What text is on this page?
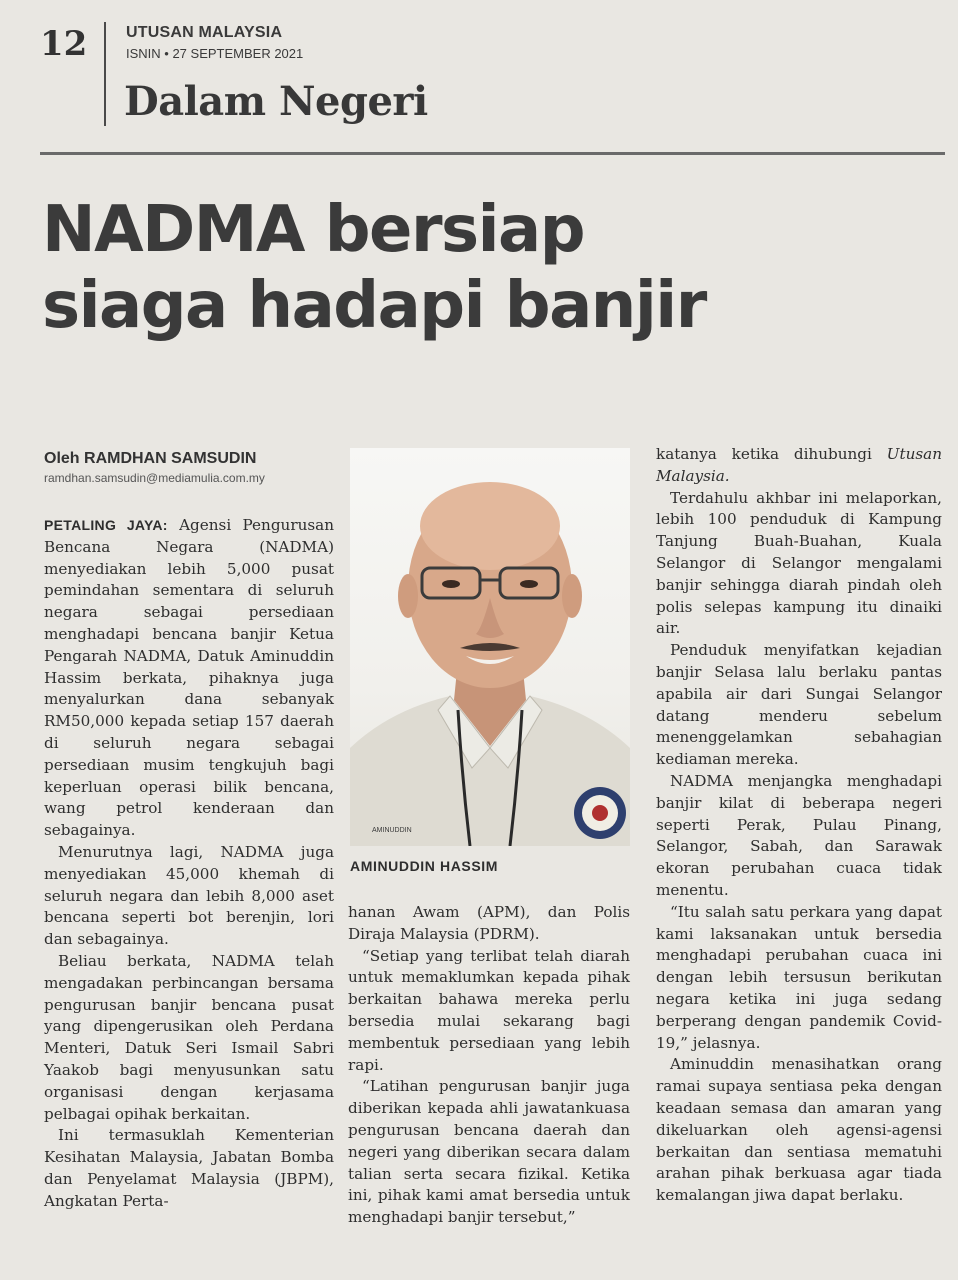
12 UTUSAN MALAYSIA
ISNIN • 27 SEPTEMBER 2021
Dalam Negeri
NADMA bersiap
siaga hadapi banjir
Oleh RAMDHAN SAMSUDIN
ramdhan.samsudin@mediamulia.com.my

PETALING JAYA: Agensi Pengurusan Bencana Negara (NADMA) menyediakan lebih 5,000 pusat pemindahan sementara di seluruh negara sebagai persediaan menghadapi bencana banjir Ketua Pengarah NADMA, Datuk Aminuddin Hassim berkata, pihaknya juga menyalurkan dana sebanyak RM50,000 kepada setiap 157 daerah di seluruh negara sebagai persediaan musim tengkujuh bagi keperluan operasi bilik bencana, wang petrol kenderaan dan sebagainya.

Menurutnya lagi, NADMA juga menyediakan 45,000 khemah di seluruh negara dan lebih 8,000 aset bencana seperti bot berenjin, lori dan sebagainya.

Beliau berkata, NADMA telah mengadakan perbincangan bersama pengurusan banjir bencana pusat yang dipengerusikan oleh Perdana Menteri, Datuk Seri Ismail Sabri Yaakob bagi menyusunkan satu organisasi dengan kerjasama pelbagai opihak berkaitan.

Ini termasuklah Kementerian Kesihatan Malaysia, Jabatan Bomba dan Penyelamat Malaysia (JBPM), Angkatan Perta-

AMINUDDIN
AMINUDDIN HASSIM

hanan Awam (APM), dan Polis Diraja Malaysia (PDRM).

“Setiap yang terlibat telah diarah untuk memaklumkan kepada pihak berkaitan bahawa mereka perlu bersedia mulai sekarang bagi membentuk persediaan yang lebih rapi.

“Latihan pengurusan banjir juga diberikan kepada ahli jawatankuasa pengurusan bencana daerah dan negeri yang diberikan secara dalam talian serta secara fizikal. Ketika ini, pihak kami amat bersedia untuk menghadapi banjir tersebut,”

katanya ketika dihubungi Utusan Malaysia.

Terdahulu akhbar ini melaporkan, lebih 100 penduduk di Kampung Tanjung Buah-Buahan, Kuala Selangor di Selangor mengalami banjir sehingga diarah pindah oleh polis selepas kampung itu dinaiki air.

Penduduk menyifatkan kejadian banjir Selasa lalu berlaku pantas apabila air dari Sungai Selangor datang menderu sebelum menenggelamkan sebahagian kediaman mereka.

NADMA menjangka menghadapi banjir kilat di beberapa negeri seperti Perak, Pulau Pinang, Selangor, Sabah, dan Sarawak ekoran perubahan cuaca tidak menentu.

“Itu salah satu perkara yang dapat kami laksanakan untuk bersedia menghadapi perubahan cuaca ini dengan lebih tersusun berikutan negara ketika ini juga sedang berperang dengan pandemik Covid-19,” jelasnya.

Aminuddin menasihatkan orang ramai supaya sentiasa peka dengan keadaan semasa dan amaran yang dikeluarkan oleh agensi-agensi berkaitan dan sentiasa mematuhi arahan pihak berkuasa agar tiada kemalangan jiwa dapat berlaku.
